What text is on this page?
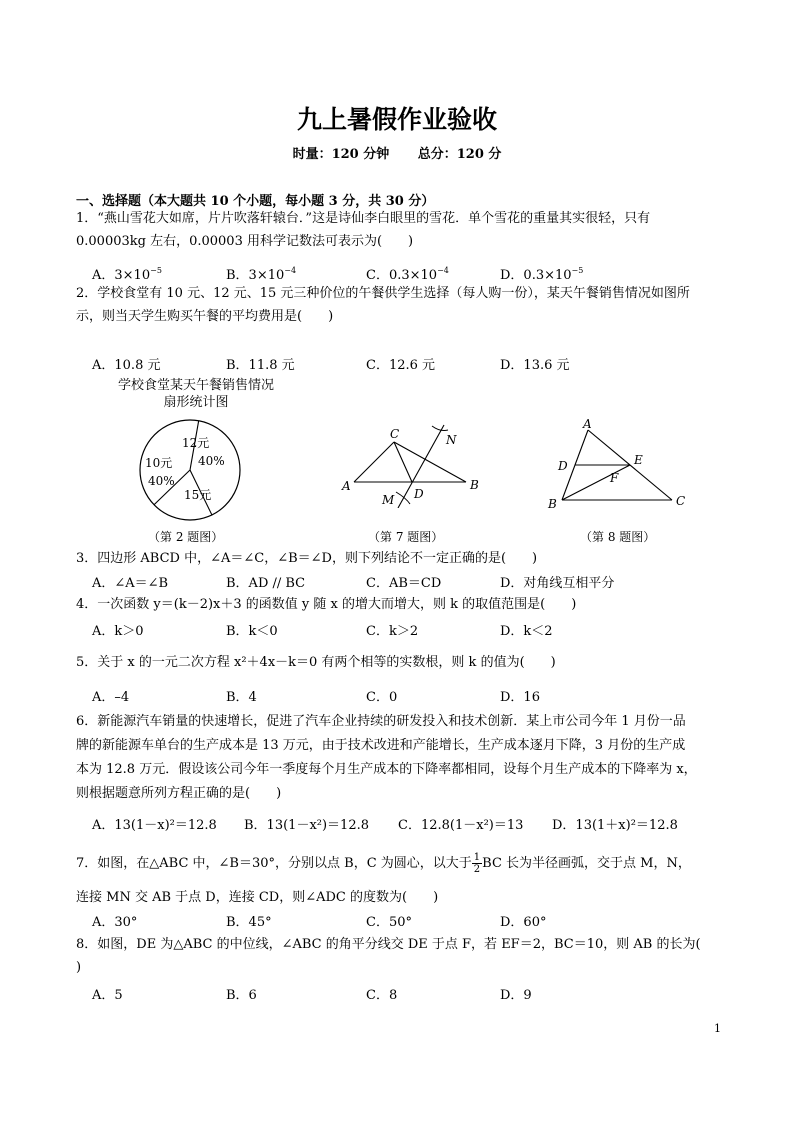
九上暑假作业验收
时量：120 分钟 总分：120 分
一、选择题（本大题共 10 个小题，每小题 3 分，共 30 分）
1．“燕山雪花大如席，片片吹落轩辕台．”这是诗仙李白眼里的雪花．单个雪花的重量其实很轻，只有
0.00003kg 左右，0.00003 用科学记数法可表示为(　　)
A．$3\times 10^{-5}$	B．$3\times 10^{-4}$	C．$0.3\times 10^{-4}$	D．$0.3\times 10^{-5}$
2．学校食堂有 10 元、12 元、15 元三种价位的午餐供学生选择（每人购一份），某天午餐销售情况如图所
示，则当天学生购买午餐的平均费用是(　　)
A．10.8 元	B．11.8 元	C．12.6 元	D．13.6 元
学校食堂某天午餐销售情况
扇形统计图
12元
40%
10元
40%
15元
（第 2 题图）
A	B
C
D
M
N
（第 7 题图）
A
B	C
D	E
F
（第 8 题图）
3．四边形 ABCD 中，∠A＝∠C，∠B＝∠D，则下列结论不一定正确的是(　　)
A．∠A＝∠B	B．AD // BC	C．AB＝CD	D．对角线互相平分
4．一次函数 y＝(k－2)x＋3 的函数值 y 随 x 的增大而增大，则 k 的取值范围是(　　)
A．k＞0	B．k＜0	C．k＞2	D．k＜2
5．关于 x 的一元二次方程 x²＋4x－k＝0 有两个相等的实数根，则 k 的值为(　　)
A．–4	B．4	C．0	D．16
6．新能源汽车销量的快速增长，促进了汽车企业持续的研发投入和技术创新．某上市公司今年 1 月份一品
牌的新能源车单台的生产成本是 13 万元，由于技术改进和产能增长，生产成本逐月下降，3 月份的生产成
本为 12.8 万元．假设该公司今年一季度每个月生产成本的下降率都相同，设每个月生产成本的下降率为 x，
则根据题意所列方程正确的是(　　)
A．13(1－x)²＝12.8 B．13(1－x²)＝12.8 C．12.8(1－x²)＝13 D．13(1＋x)²＝12.8
7．如图，在△ABC 中，∠B＝30°，分别以点 B，C 为圆心，以大于 $\frac{1}{2}$ BC 长为半径画弧，交于点 M，N，
连接 MN 交 AB 于点 D，连接 CD，则∠ADC 的度数为(　　)
A．30°	B．45°	C．50°	D．60°
8．如图，DE 为△ABC 的中位线，∠ABC 的角平分线交 DE 于点 F，若 EF＝2，BC＝10，则 AB 的长为(
)
A．5	B．6	C．8	D．9
1
